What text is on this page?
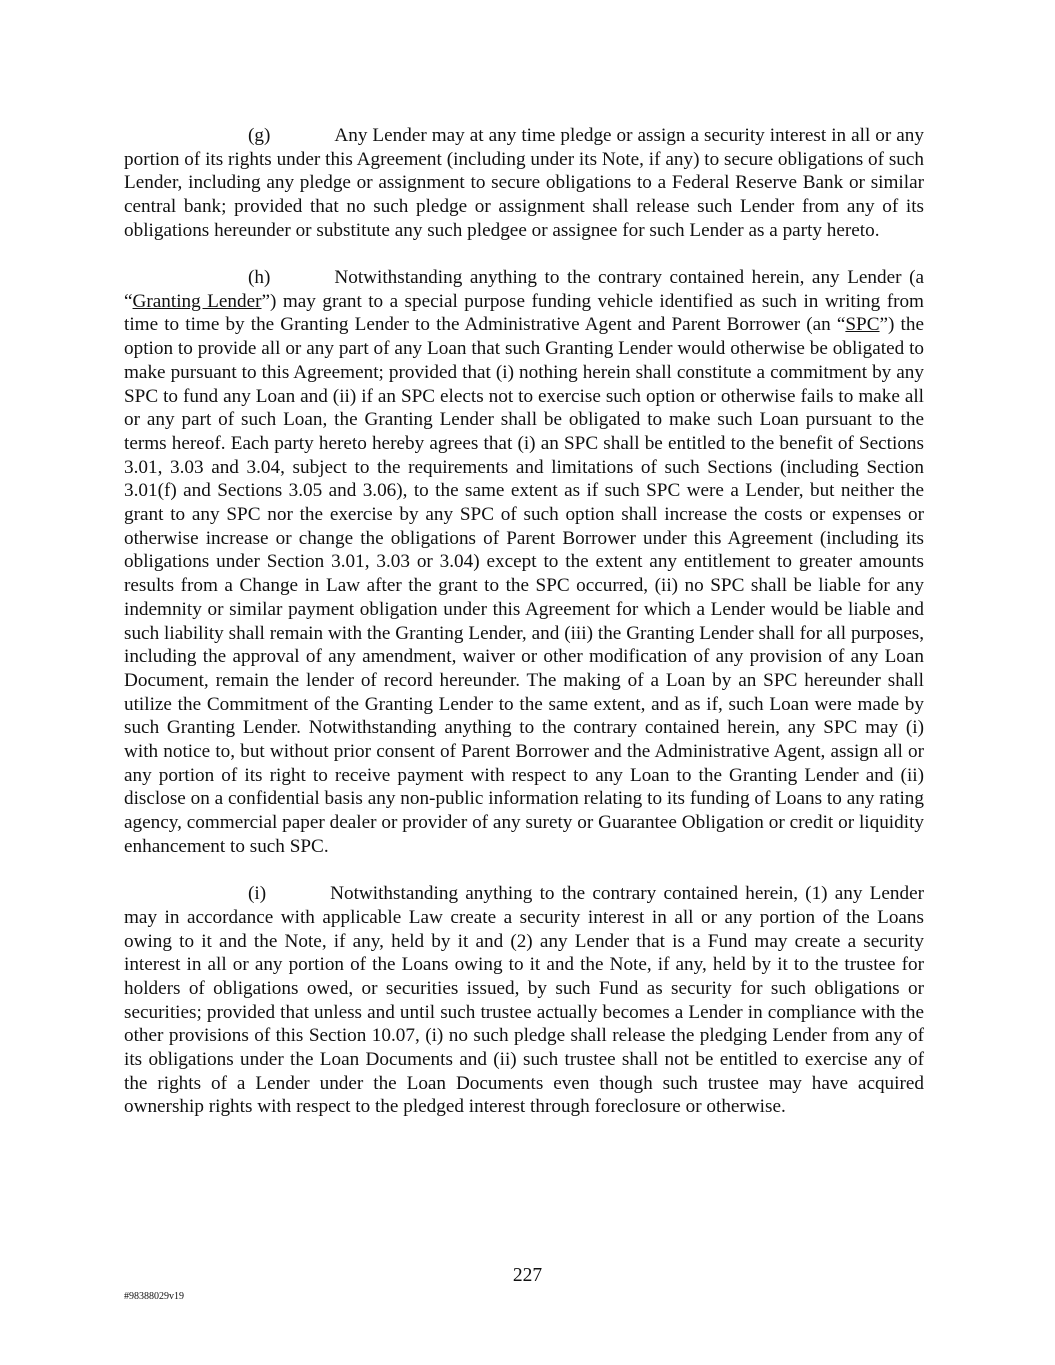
(g)	Any Lender may at any time pledge or assign a security interest in all or any portion of its rights under this Agreement (including under its Note, if any) to secure obligations of such Lender, including any pledge or assignment to secure obligations to a Federal Reserve Bank or similar central bank; provided that no such pledge or assignment shall release such Lender from any of its obligations hereunder or substitute any such pledgee or assignee for such Lender as a party hereto.

(h)	Notwithstanding anything to the contrary contained herein, any Lender (a “Granting Lender”) may grant to a special purpose funding vehicle identified as such in writing from time to time by the Granting Lender to the Administrative Agent and Parent Borrower (an “SPC”) the option to provide all or any part of any Loan that such Granting Lender would otherwise be obligated to make pursuant to this Agreement; provided that (i) nothing herein shall constitute a commitment by any SPC to fund any Loan and (ii) if an SPC elects not to exercise such option or otherwise fails to make all or any part of such Loan, the Granting Lender shall be obligated to make such Loan pursuant to the terms hereof. Each party hereto hereby agrees that (i) an SPC shall be entitled to the benefit of Sections 3.01, 3.03 and 3.04, subject to the requirements and limitations of such Sections (including Section 3.01(f) and Sections 3.05 and 3.06), to the same extent as if such SPC were a Lender, but neither the grant to any SPC nor the exercise by any SPC of such option shall increase the costs or expenses or otherwise increase or change the obligations of Parent Borrower under this Agreement (including its obligations under Section 3.01, 3.03 or 3.04) except to the extent any entitlement to greater amounts results from a Change in Law after the grant to the SPC occurred, (ii) no SPC shall be liable for any indemnity or similar payment obligation under this Agreement for which a Lender would be liable and such liability shall remain with the Granting Lender, and (iii) the Granting Lender shall for all purposes, including the approval of any amendment, waiver or other modification of any provision of any Loan Document, remain the lender of record hereunder. The making of a Loan by an SPC hereunder shall utilize the Commitment of the Granting Lender to the same extent, and as if, such Loan were made by such Granting Lender. Notwithstanding anything to the contrary contained herein, any SPC may (i) with notice to, but without prior consent of Parent Borrower and the Administrative Agent, assign all or any portion of its right to receive payment with respect to any Loan to the Granting Lender and (ii) disclose on a confidential basis any non-public information relating to its funding of Loans to any rating agency, commercial paper dealer or provider of any surety or Guarantee Obligation or credit or liquidity enhancement to such SPC.

(i)	Notwithstanding anything to the contrary contained herein, (1) any Lender may in accordance with applicable Law create a security interest in all or any portion of the Loans owing to it and the Note, if any, held by it and (2) any Lender that is a Fund may create a security interest in all or any portion of the Loans owing to it and the Note, if any, held by it to the trustee for holders of obligations owed, or securities issued, by such Fund as security for such obligations or securities; provided that unless and until such trustee actually becomes a Lender in compliance with the other provisions of this Section 10.07, (i) no such pledge shall release the pledging Lender from any of its obligations under the Loan Documents and (ii) such trustee shall not be entitled to exercise any of the rights of a Lender under the Loan Documents even though such trustee may have acquired ownership rights with respect to the pledged interest through foreclosure or otherwise.

227
#98388029v19
